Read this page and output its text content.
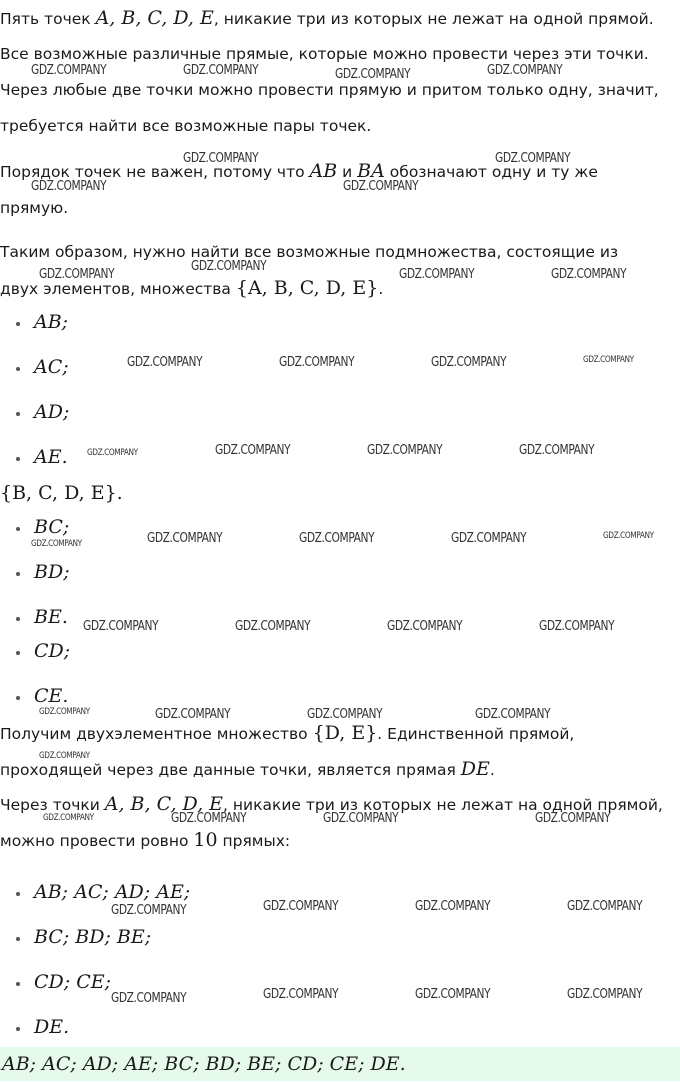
Пять точек A, B, C, D, E, никакие три из которых не лежат на одной прямой.
Все возможные различные прямые, которые можно провести через эти точки.
Через любые две точки можно провести прямую и притом только одну, значит,
требуется найти все возможные пары точек.
Порядок точек не важен, потому что AB и BA обозначают одну и ту же
прямую.
Таким образом, нужно найти все возможные подмножества, состоящие из
двух элементов, множества {A, B, C, D, E}.
AB;
AC;
AD;
AE.
{B, C, D, E}.
BC;
BD;
BE.
CD;
CE.
Получим двухэлементное множество {D, E}. Единственной прямой,
проходящей через две данные точки, является прямая DE.
Через точки A, B, C, D, E, никакие три из которых не лежат на одной прямой,
можно провести ровно 10 прямых:
AB; AC; AD; AE;
BC; BD; BE;
CD; CE;
DE.
AB; AC; AD; AE; BC; BD; BE; CD; CE; DE.
GDZ.COMPANY	GDZ.COMPANY	GDZ.COMPANY	GDZ.COMPANY
GDZ.COMPANY	GDZ.COMPANY
GDZ.COMPANY	GDZ.COMPANY
GDZ.COMPANY
GDZ.COMPANY	GDZ.COMPANY	GDZ.COMPANY
GDZ.COMPANY	GDZ.COMPANY	GDZ.COMPANY	GDZ.COMPANY
GDZ.COMPANY	GDZ.COMPANY	GDZ.COMPANY	GDZ.COMPANY
GDZ.COMPANY	GDZ.COMPANY	GDZ.COMPANY	GDZ.COMPANY	GDZ.COMPANY
GDZ.COMPANY	GDZ.COMPANY	GDZ.COMPANY	GDZ.COMPANY
GDZ.COMPANY	GDZ.COMPANY	GDZ.COMPANY	GDZ.COMPANY
GDZ.COMPANY
GDZ.COMPANY	GDZ.COMPANY	GDZ.COMPANY	GDZ.COMPANY
GDZ.COMPANY	GDZ.COMPANY	GDZ.COMPANY	GDZ.COMPANY
GDZ.COMPANY	GDZ.COMPANY	GDZ.COMPANY	GDZ.COMPANY
